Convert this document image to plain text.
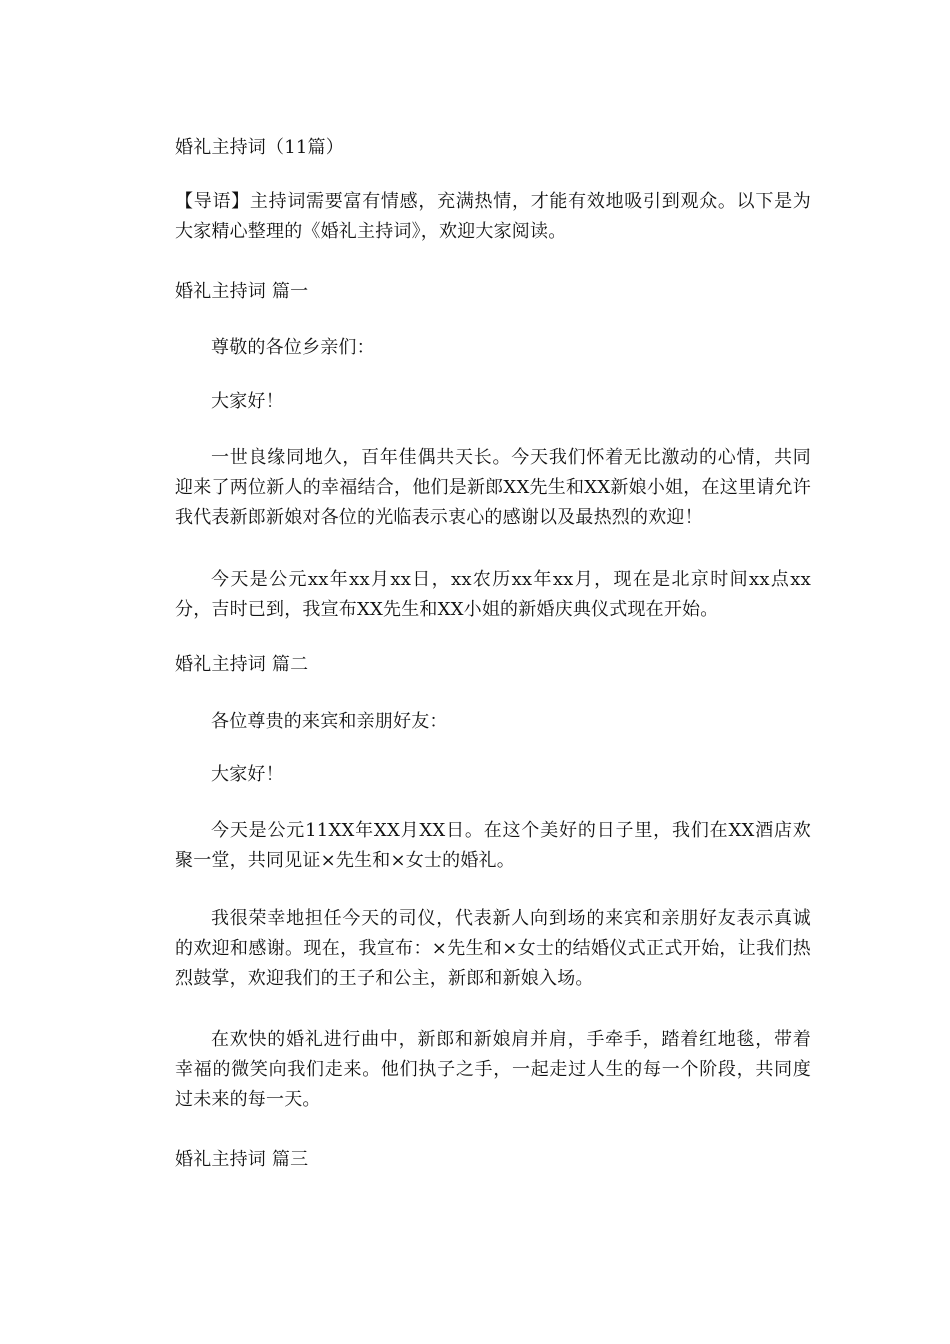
婚礼主持词（11篇）
【导语】主持词需要富有情感，充满热情，才能有效地吸引到观众。以下是为大家精心整理的《婚礼主持词》，欢迎大家阅读。
婚礼主持词 篇一
尊敬的各位乡亲们：
大家好！
一世良缘同地久，百年佳偶共天长。今天我们怀着无比激动的心情，共同迎来了两位新人的幸福结合，他们是新郎XX先生和XX新娘小姐，在这里请允许我代表新郎新娘对各位的光临表示衷心的感谢以及最热烈的欢迎！
今天是公元xx年xx月xx日，xx农历xx年xx月，现在是北京时间xx点xx分，吉时已到，我宣布XX先生和XX小姐的新婚庆典仪式现在开始。
婚礼主持词 篇二
各位尊贵的来宾和亲朋好友：
大家好！
今天是公元11XX年XX月XX日。在这个美好的日子里，我们在XX酒店欢聚一堂，共同见证×先生和×女士的婚礼。
我很荣幸地担任今天的司仪，代表新人向到场的来宾和亲朋好友表示真诚的欢迎和感谢。现在，我宣布：×先生和×女士的结婚仪式正式开始，让我们热烈鼓掌，欢迎我们的王子和公主，新郎和新娘入场。
在欢快的婚礼进行曲中，新郎和新娘肩并肩，手牵手，踏着红地毯，带着幸福的微笑向我们走来。他们执子之手，一起走过人生的每一个阶段，共同度过未来的每一天。
婚礼主持词 篇三
